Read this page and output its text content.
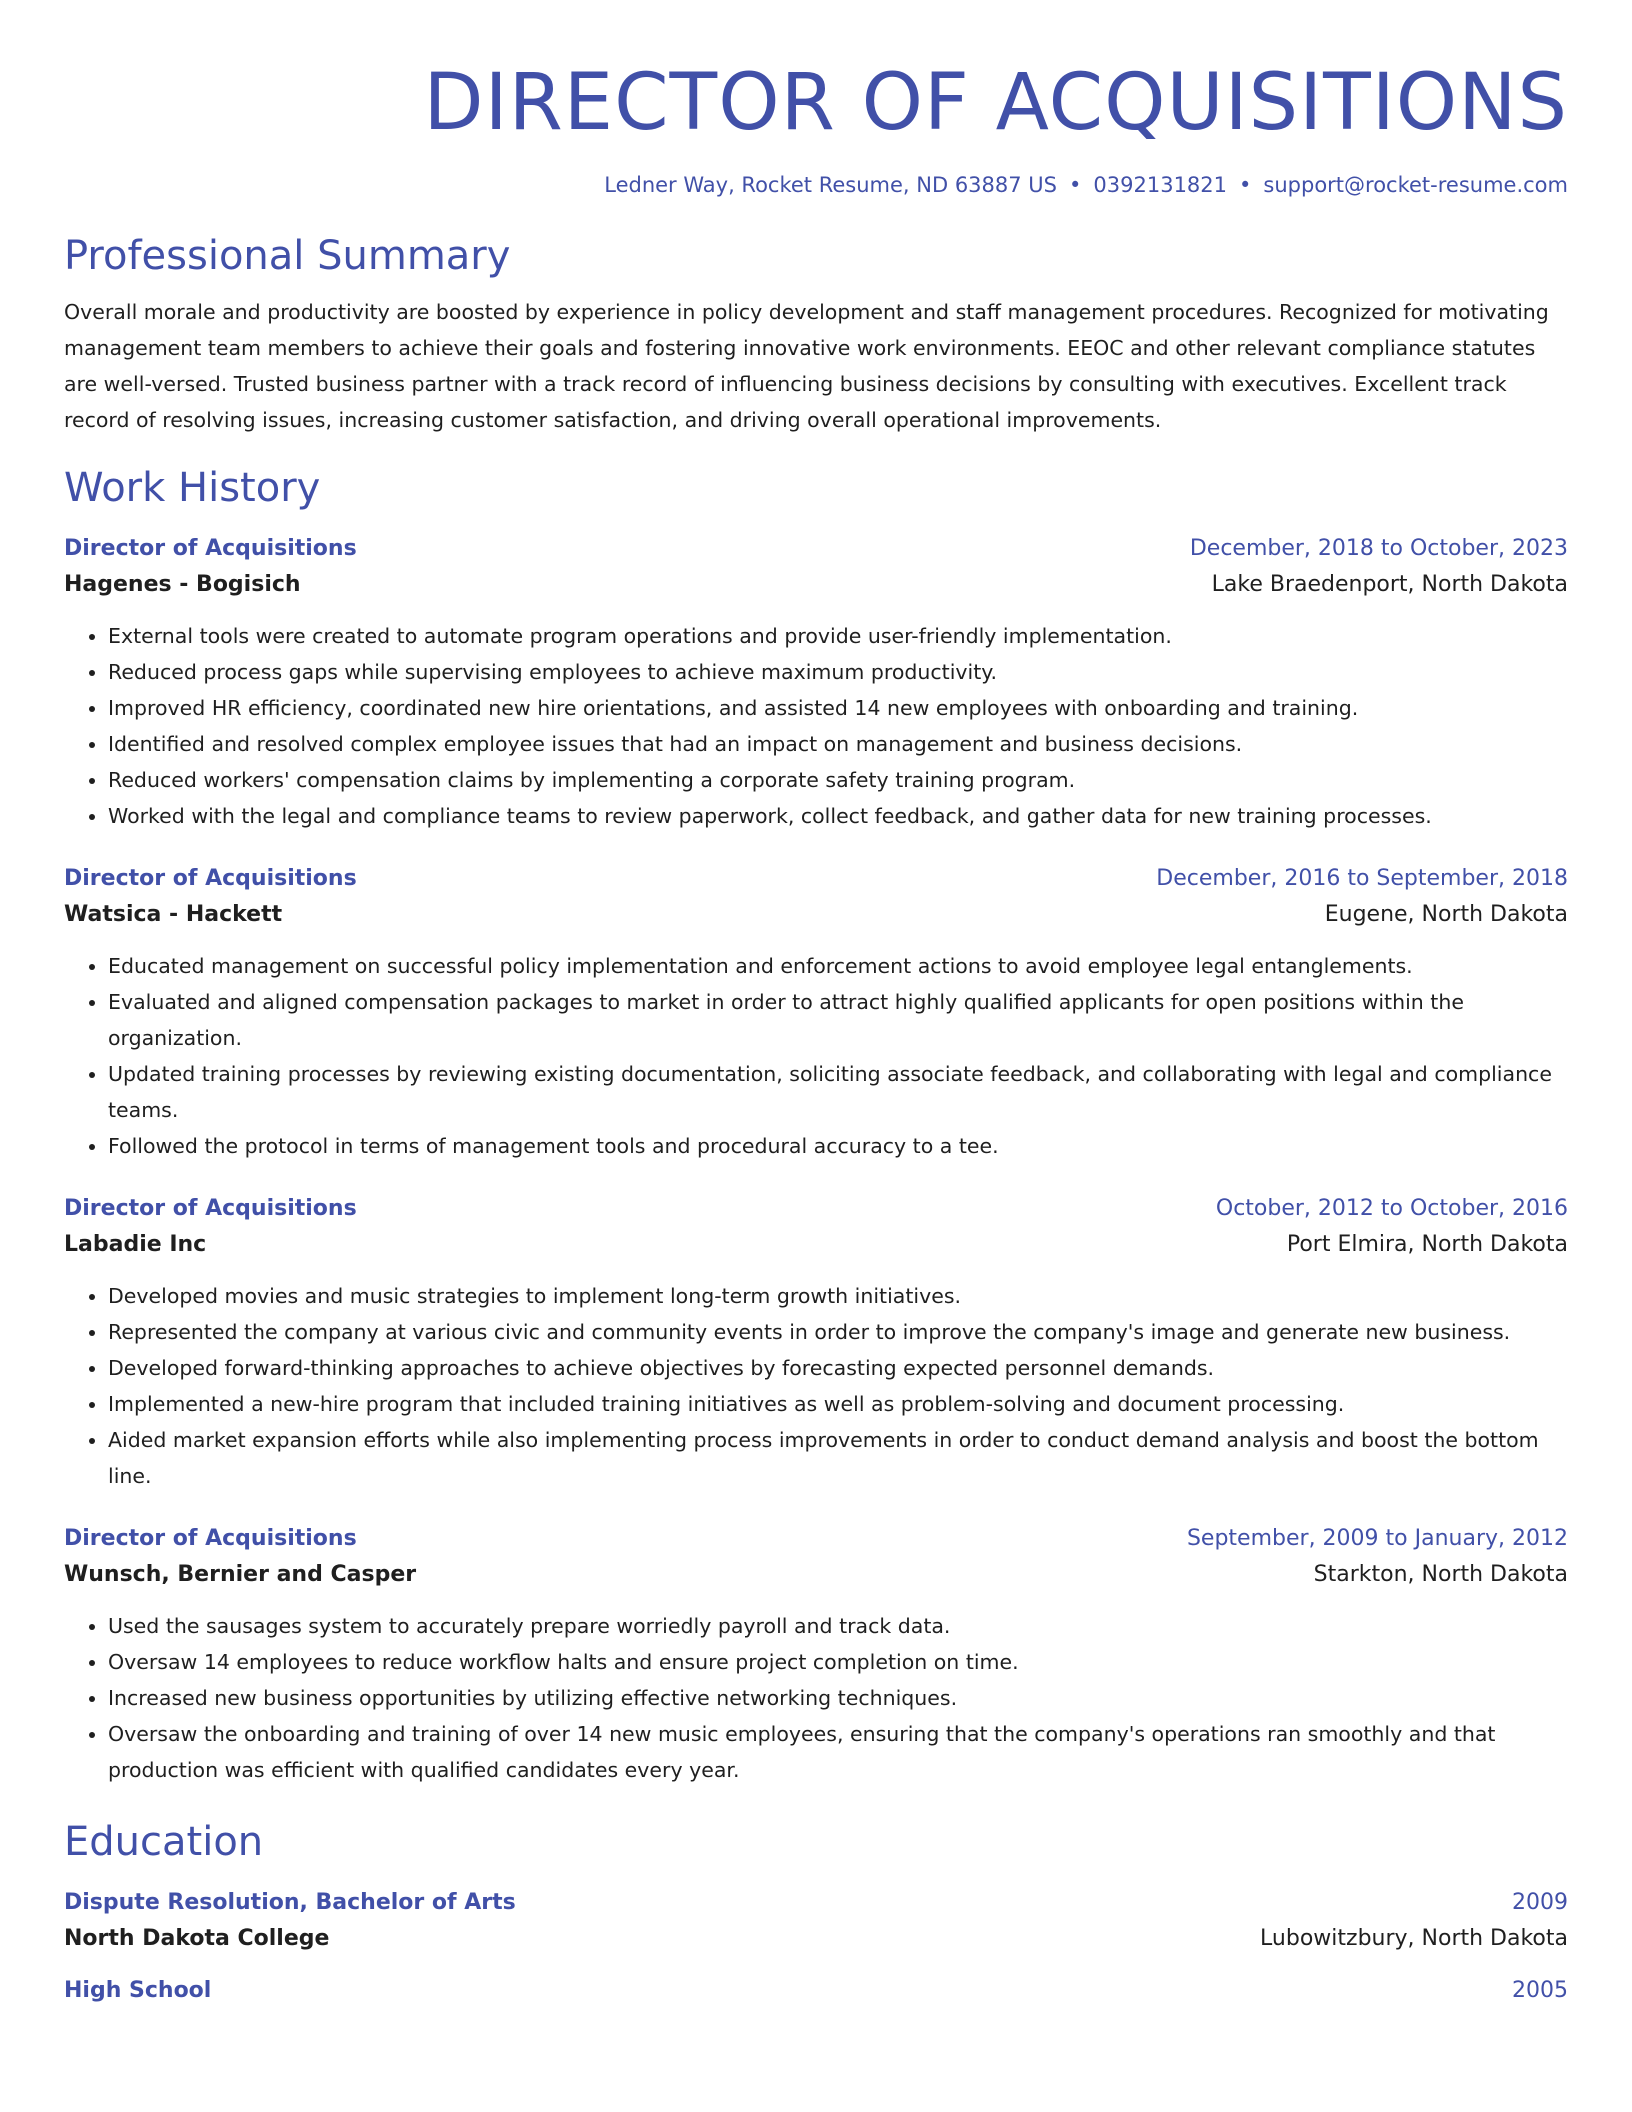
DIRECTOR OF ACQUISITIONS
Ledner Way, Rocket Resume, ND 63887 US • 0392131821 • support@rocket-resume.com
Professional Summary

Overall morale and productivity are boosted by experience in policy development and staff management procedures. Recognized for motivating management team members to achieve their goals and fostering innovative work environments. EEOC and other relevant compliance statutes are well-versed. Trusted business partner with a track record of influencing business decisions by consulting with executives. Excellent track record of resolving issues, increasing customer satisfaction, and driving overall operational improvements.

Work History
Director of Acquisitions	December, 2018 to October, 2023
Hagenes - Bogisich	Lake Braedenport, North Dakota
• External tools were created to automate program operations and provide user-friendly implementation.
• Reduced process gaps while supervising employees to achieve maximum productivity.
• Improved HR efficiency, coordinated new hire orientations, and assisted 14 new employees with onboarding and training.
• Identified and resolved complex employee issues that had an impact on management and business decisions.
• Reduced workers' compensation claims by implementing a corporate safety training program.
• Worked with the legal and compliance teams to review paperwork, collect feedback, and gather data for new training processes.
Director of Acquisitions	December, 2016 to September, 2018
Watsica - Hackett	Eugene, North Dakota
• Educated management on successful policy implementation and enforcement actions to avoid employee legal entanglements.
• Evaluated and aligned compensation packages to market in order to attract highly qualified applicants for open positions within the organization.
• Updated training processes by reviewing existing documentation, soliciting associate feedback, and collaborating with legal and compliance teams.
• Followed the protocol in terms of management tools and procedural accuracy to a tee.
Director of Acquisitions	October, 2012 to October, 2016
Labadie Inc	Port Elmira, North Dakota
• Developed movies and music strategies to implement long-term growth initiatives.
• Represented the company at various civic and community events in order to improve the company's image and generate new business.
• Developed forward-thinking approaches to achieve objectives by forecasting expected personnel demands.
• Implemented a new-hire program that included training initiatives as well as problem-solving and document processing.
• Aided market expansion efforts while also implementing process improvements in order to conduct demand analysis and boost the bottom line.
Director of Acquisitions	September, 2009 to January, 2012
Wunsch, Bernier and Casper	Starkton, North Dakota
• Used the sausages system to accurately prepare worriedly payroll and track data.
• Oversaw 14 employees to reduce workflow halts and ensure project completion on time.
• Increased new business opportunities by utilizing effective networking techniques.
• Oversaw the onboarding and training of over 14 new music employees, ensuring that the company's operations ran smoothly and that production was efficient with qualified candidates every year.
Education
Dispute Resolution, Bachelor of Arts	2009
North Dakota College	Lubowitzbury, North Dakota
High School	2005
